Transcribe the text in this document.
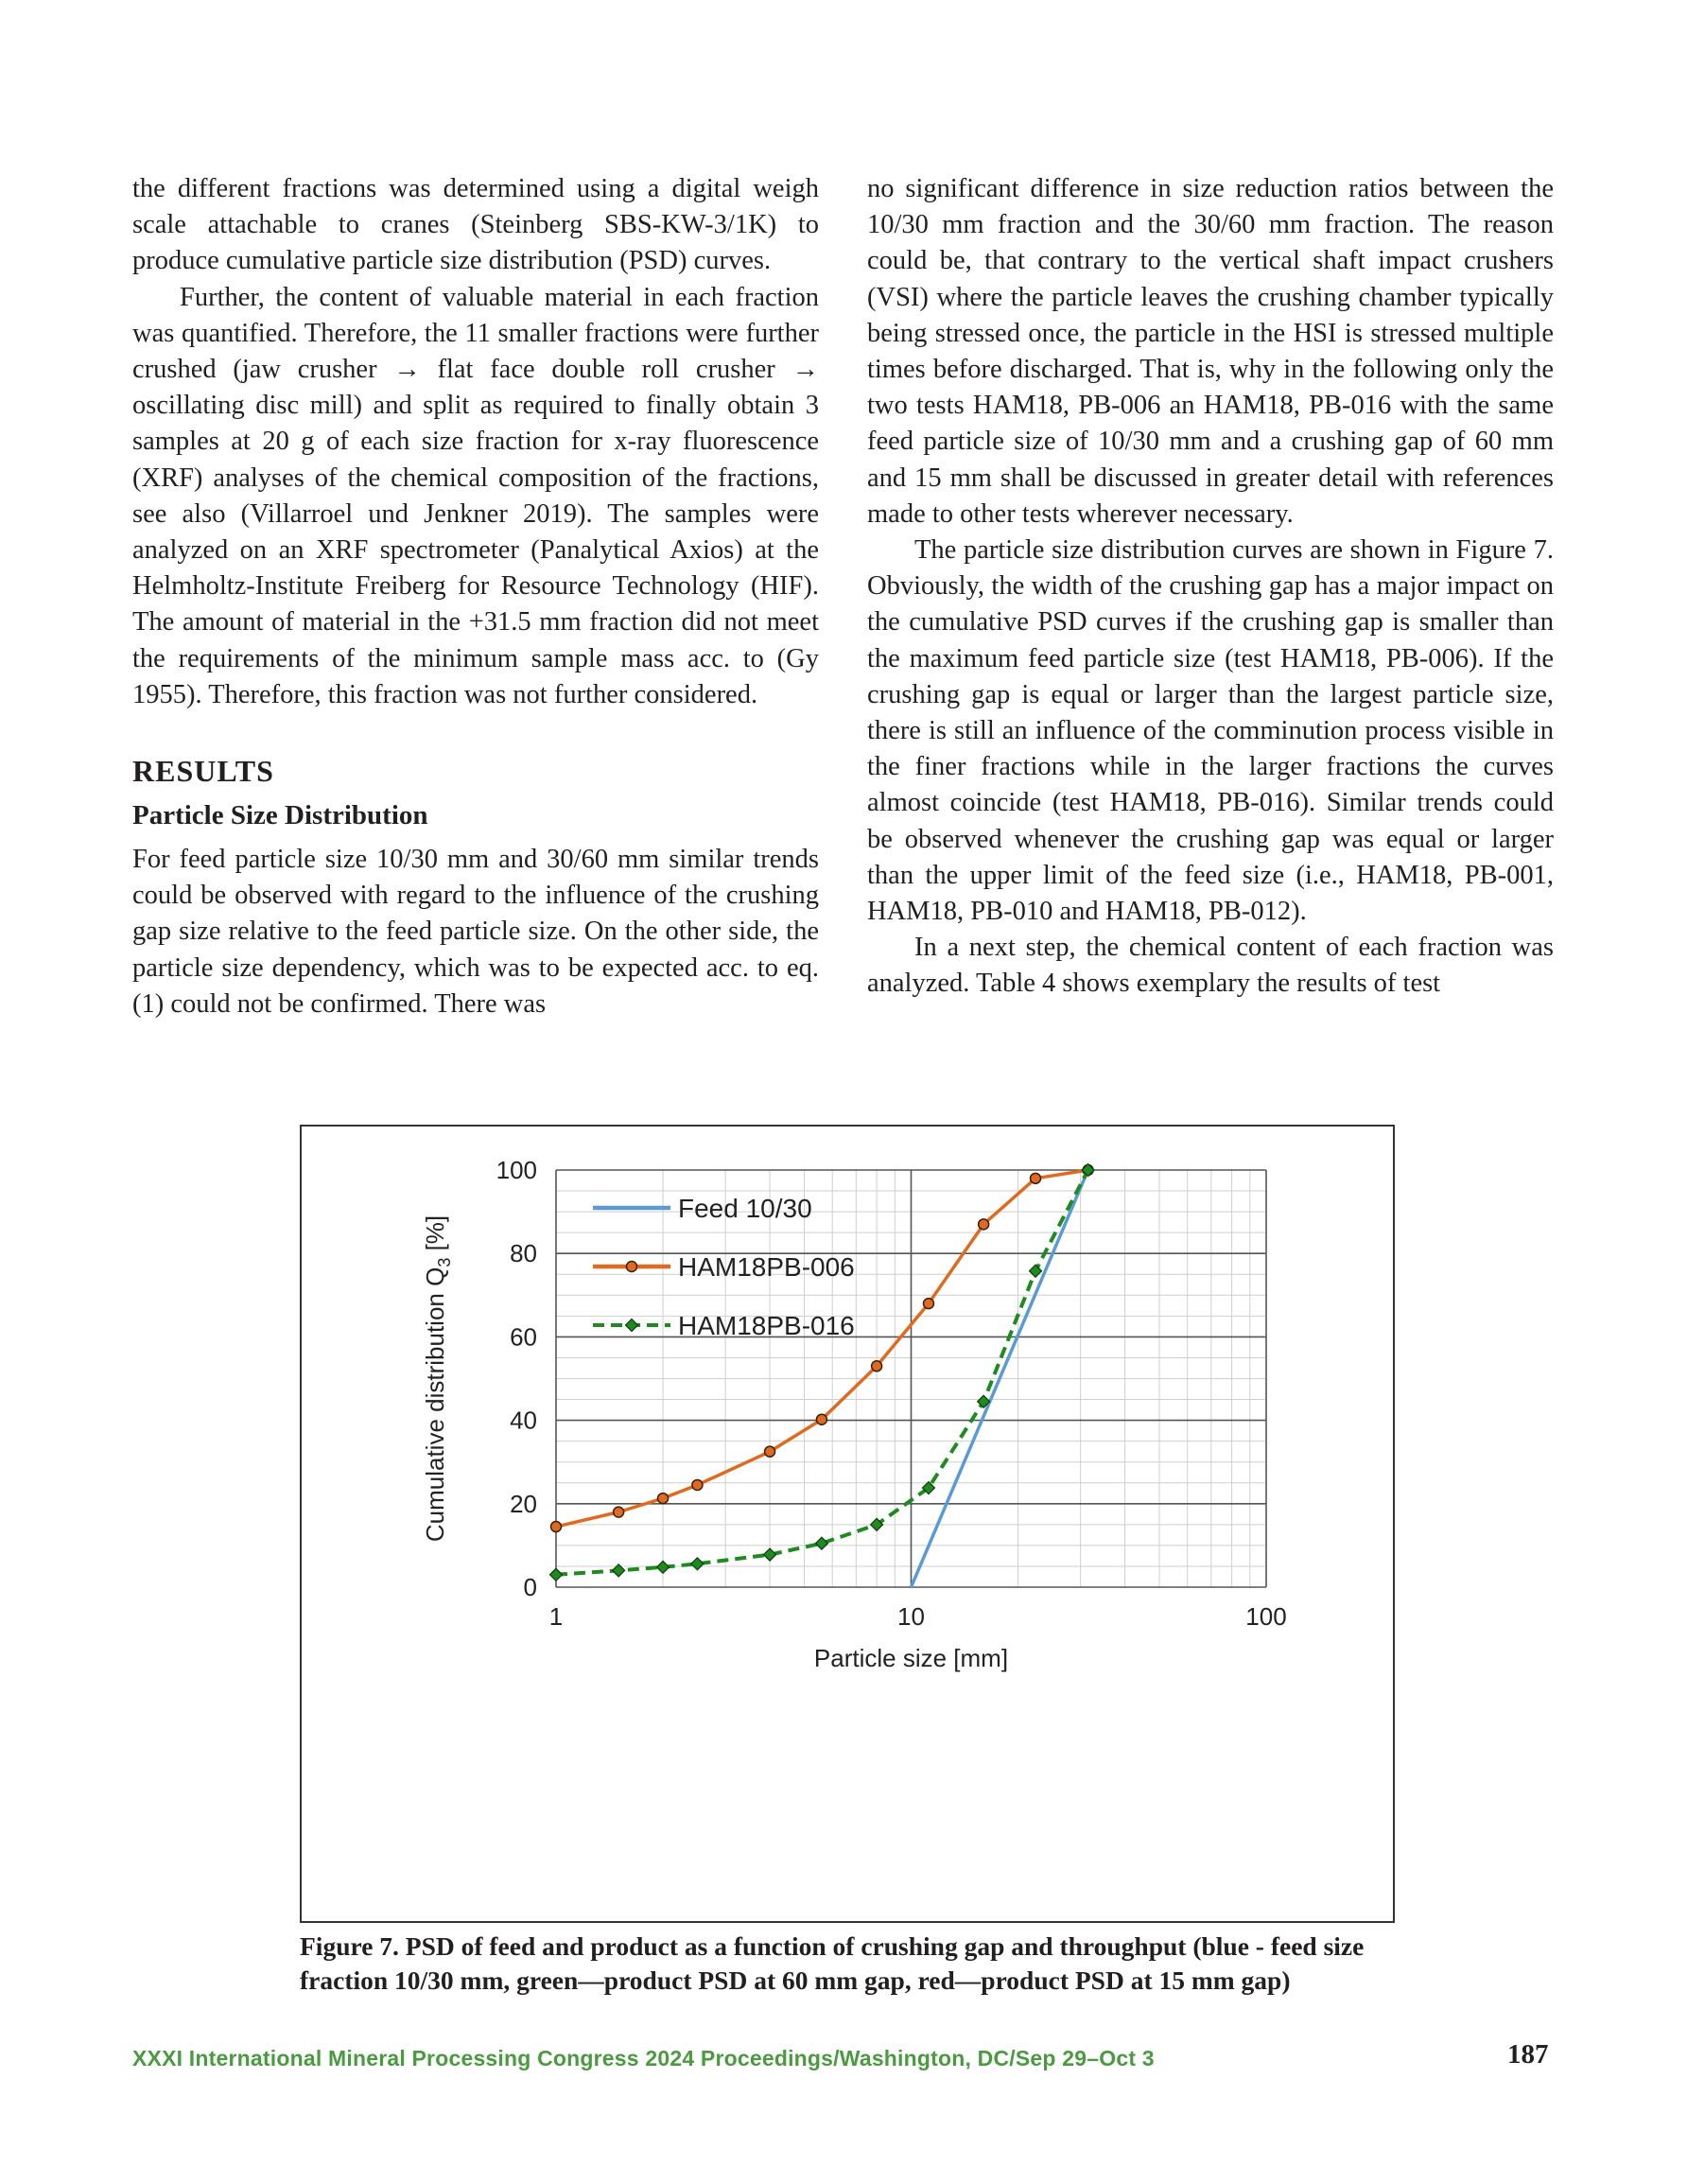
the different fractions was determined using a digital weigh scale attachable to cranes (Steinberg SBS-KW-3/1K) to produce cumulative particle size distribution (PSD) curves.

Further, the content of valuable material in each fraction was quantified. Therefore, the 11 smaller fractions were further crushed (jaw crusher → flat face double roll crusher → oscillating disc mill) and split as required to finally obtain 3 samples at 20 g of each size fraction for x-ray fluorescence (XRF) analyses of the chemical composition of the fractions, see also (Villarroel und Jenkner 2019). The samples were analyzed on an XRF spectrometer (Panalytical Axios) at the Helmholtz-Institute Freiberg for Resource Technology (HIF). The amount of material in the +31.5 mm fraction did not meet the requirements of the minimum sample mass acc. to (Gy 1955). Therefore, this fraction was not further considered.

RESULTS
Particle Size Distribution

For feed particle size 10/30 mm and 30/60 mm similar trends could be observed with regard to the influence of the crushing gap size relative to the feed particle size. On the other side, the particle size dependency, which was to be expected acc. to eq. (1) could not be confirmed. There was

no significant difference in size reduction ratios between the 10/30 mm fraction and the 30/60 mm fraction. The reason could be, that contrary to the vertical shaft impact crushers (VSI) where the particle leaves the crushing chamber typically being stressed once, the particle in the HSI is stressed multiple times before discharged. That is, why in the following only the two tests HAM18, PB-006 an HAM18, PB-016 with the same feed particle size of 10/30 mm and a crushing gap of 60 mm and 15 mm shall be discussed in greater detail with references made to other tests wherever necessary.

The particle size distribution curves are shown in Figure 7. Obviously, the width of the crushing gap has a major impact on the cumulative PSD curves if the crushing gap is smaller than the maximum feed particle size (test HAM18, PB-006). If the crushing gap is equal or larger than the largest particle size, there is still an influence of the comminution process visible in the finer fractions while in the larger fractions the curves almost coincide (test HAM18, PB-016). Similar trends could be observed whenever the crushing gap was equal or larger than the upper limit of the feed size (i.e., HAM18, PB-001, HAM18, PB-010 and HAM18, PB-012).

In a next step, the chemical content of each fraction was analyzed. Table 4 shows exemplary the results of test

1	10	100
0
20
40
60
80
100
Particle size [mm]
Cumulative distribution $Q_3$ [%]
Feed 10/30
HAM18PB-006
HAM18PB-016
Figure 7. PSD of feed and product as a function of crushing gap and throughput (blue - feed size fraction 10/30 mm, green—product PSD at 60 mm gap, red—product PSD at 15 mm gap)
XXXI International Mineral Processing Congress 2024 Proceedings/Washington, DC/Sep 29–Oct 3	187
